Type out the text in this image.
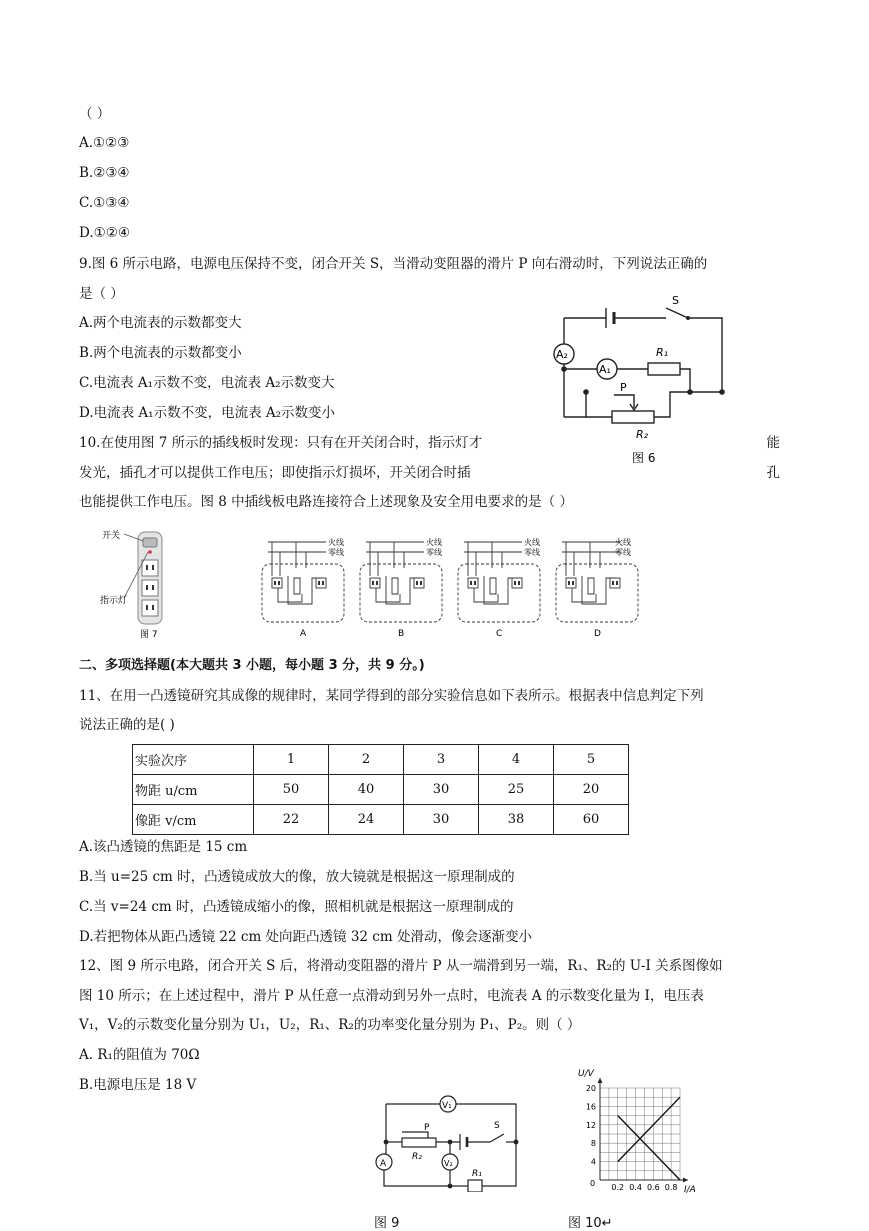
（ ）
A.①②③
B.②③④
C.①③④
D.①②④
9.图 6 所示电路，电源电压保持不变，闭合开关 S，当滑动变阻器的滑片 P 向右滑动时，下列说法正确的
是（ ）
A.两个电流表的示数都变大
B.两个电流表的示数都变小
C.电流表 A₁示数不变，电流表 A₂示数变大
D.电流表 A₁示数不变，电流表 A₂示数变小
S
A₂
A₁
R₁
P
R₂
图 6
10.在使用图 7 所示的插线板时发现：只有在开关闭合时，指示灯才	能
发光，插孔才可以提供工作电压；即使指示灯损坏，开关闭合时插	孔
也能提供工作电压。图 8 中插线板电路连接符合上述现象及安全用电要求的是（ ）
开关
指示灯
图 7
火线
零线
火线
零线
火线
零线
火线
零线
A	B	C	D
二、多项选择题(本大题共 3 小题，每小题 3 分，共 9 分。)
11、在用一凸透镜研究其成像的规律时，某同学得到的部分实验信息如下表所示。根据表中信息判定下列
说法正确的是( )
实验次序	1	2	3	4	5
物距 u/cm	50	40	30	25	20
像距 v/cm	22	24	30	38	60
A.该凸透镜的焦距是 15 cm
B.当 u=25 cm 时，凸透镜成放大的像，放大镜就是根据这一原理制成的
C.当 v=24 cm 时，凸透镜成缩小的像，照相机就是根据这一原理制成的
D.若把物体从距凸透镜 22 cm 处向距凸透镜 32 cm 处滑动，像会逐渐变小
12、图 9 所示电路，闭合开关 S 后，将滑动变阻器的滑片 P 从一端滑到另一端，R₁、R₂的 U-I 关系图像如
图 10 所示；在上述过程中，滑片 P 从任意一点滑动到另外一点时，电流表 A 的示数变化量为 I，电压表
V₁，V₂的示数变化量分别为 U₁，U₂，R₁、R₂的功率变化量分别为 P₁、P₂。则（ ）
A. R₁的阻值为 70Ω
B.电源电压是 18 V
V₁
P	S
R₂
V₂
A
R₁
图 9
4
8
12
16
20
0.2 0.4 0.6 0.8
U/V
I/A
0
图 10↵
